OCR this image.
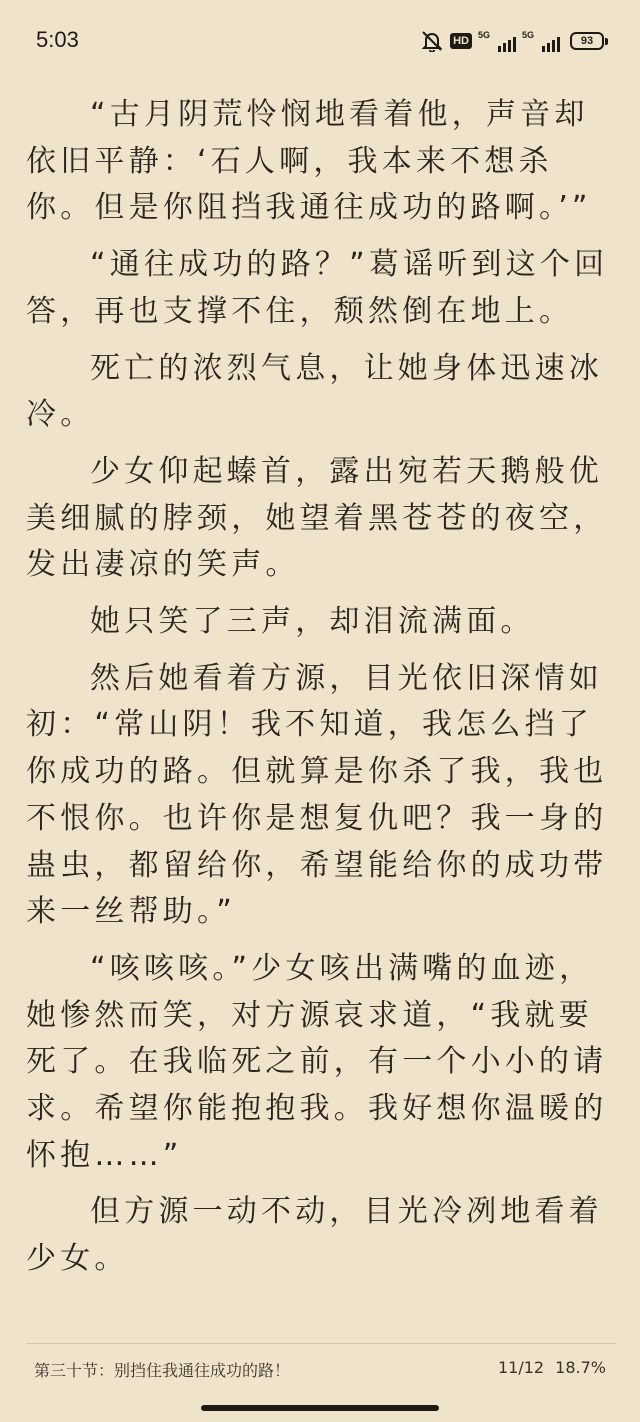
5:03	HD	5G	5G	93

“古月阴荒怜悯地看着他，声音却依旧平静：‘石人啊，我本来不想杀你。但是你阻挡我通往成功的路啊。’”

“通往成功的路？”葛谣听到这个回答，再也支撑不住，颓然倒在地上。

死亡的浓烈气息，让她身体迅速冰冷。

少女仰起螓首，露出宛若天鹅般优美细腻的脖颈，她望着黑苍苍的夜空，发出凄凉的笑声。

她只笑了三声，却泪流满面。

然后她看着方源，目光依旧深情如初：“常山阴！我不知道，我怎么挡了你成功的路。但就算是你杀了我，我也不恨你。也许你是想复仇吧？我一身的蛊虫，都留给你，希望能给你的成功带来一丝帮助。”

“咳咳咳。”少女咳出满嘴的血迹，她惨然而笑，对方源哀求道，“我就要死了。在我临死之前，有一个小小的请求。希望你能抱抱我。我好想你温暖的怀抱……”

但方源一动不动，目光冷冽地看着少女。

第三十节：别挡住我通往成功的路！	11/12 18.7%
